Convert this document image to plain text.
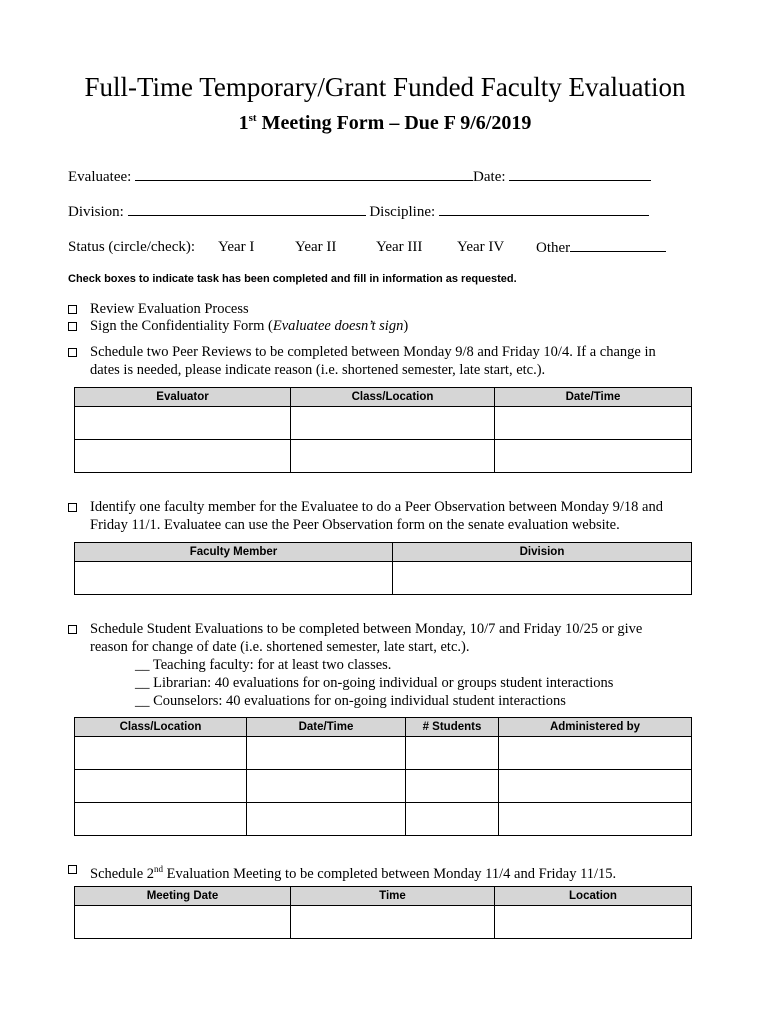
Full-Time Temporary/Grant Funded Faculty Evaluation
1st Meeting Form – Due F 9/6/2019
Evaluatee:	Date:
Division:	Discipline:
Status (circle/check): Year I	Year II	Year III Year IV Other
Check boxes to indicate task has been completed and fill in information as requested.
Review Evaluation Process
Sign the Confidentiality Form (Evaluatee doesn’t sign)
Schedule two Peer Reviews to be completed between Monday 9/8 and Friday 10/4. If a change in
dates is needed, please indicate reason (i.e. shortened semester, late start, etc.).
Evaluator	Class/Location	Date/Time

Identify one faculty member for the Evaluatee to do a Peer Observation between Monday 9/18 and
Friday 11/1. Evaluatee can use the Peer Observation form on the senate evaluation website.
Faculty Member	Division

Schedule Student Evaluations to be completed between Monday, 10/7 and Friday 10/25 or give
reason for change of date (i.e. shortened semester, late start, etc.).
__ Teaching faculty: for at least two classes.
__ Librarian: 40 evaluations for on-going individual or groups student interactions
__ Counselors: 40 evaluations for on-going individual student interactions
Class/Location	Date/Time	# Students	Administered by

Schedule 2nd Evaluation Meeting to be completed between Monday 11/4 and Friday 11/15.
Meeting Date	Time	Location
